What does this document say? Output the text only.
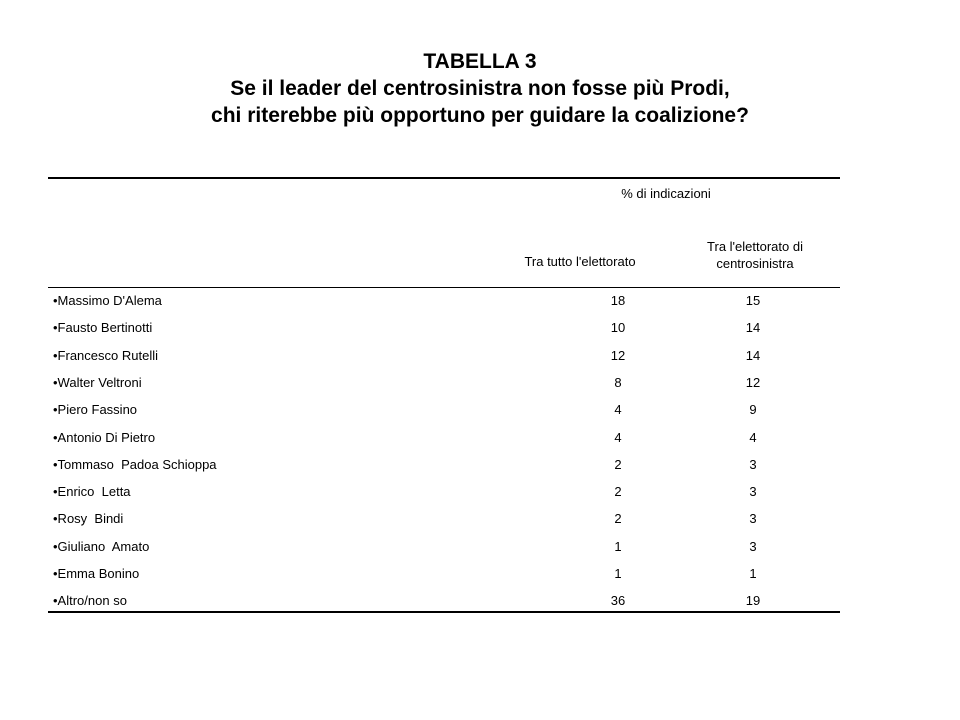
TABELLA 3
Se il leader del centrosinistra non fosse più Prodi,
chi riterebbe più opportuno per guidare la coalizione?
% di indicazioni
Tra tutto l'elettorato
Tra l'elettorato di centrosinistra
•Massimo D'Alema	18	15
•Fausto Bertinotti	10	14
•Francesco Rutelli	12	14
•Walter Veltroni	8	12
•Piero Fassino	4	9
•Antonio Di Pietro	4	4
•Tommaso  Padoa Schioppa	2	3
•Enrico  Letta	2	3
•Rosy  Bindi	2	3
•Giuliano  Amato	1	3
•Emma Bonino	1	1
•Altro/non so	36	19
